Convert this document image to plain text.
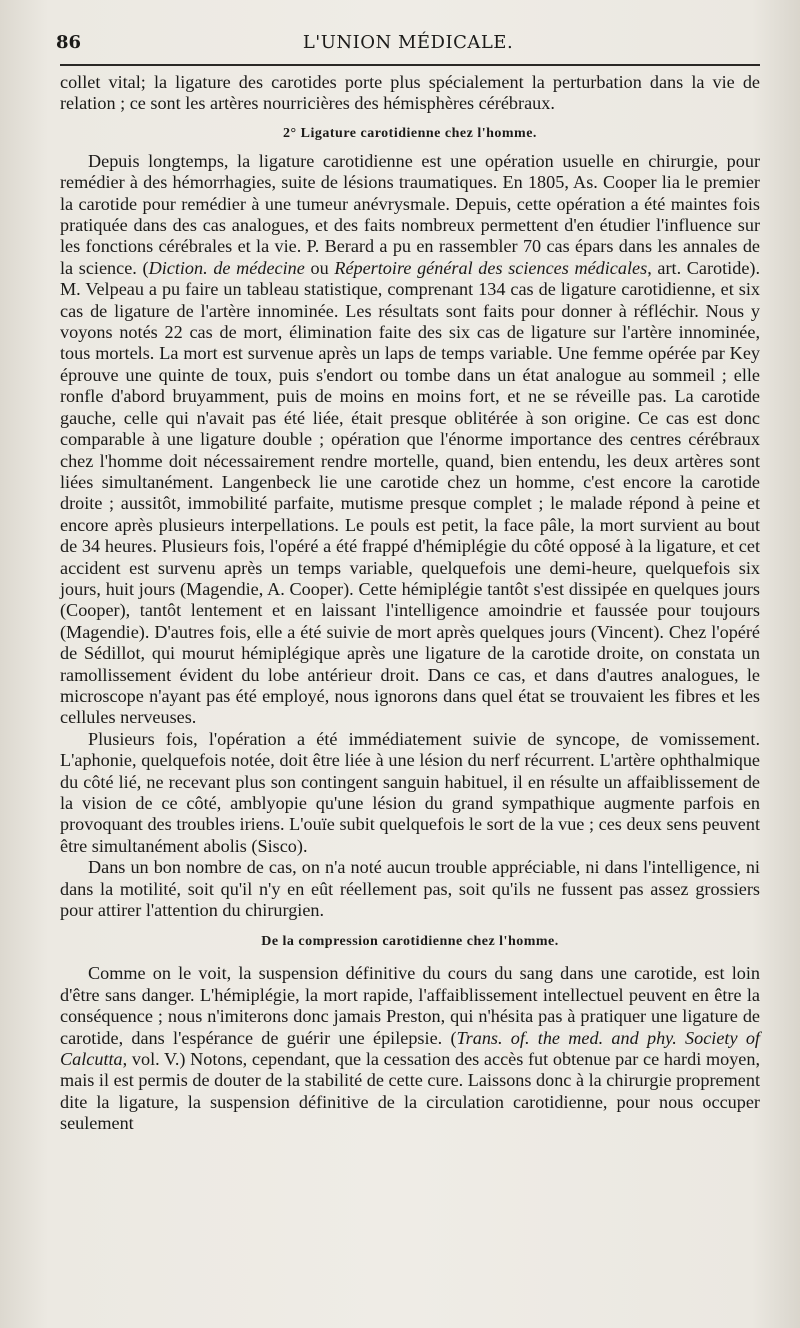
86	L'UNION MÉDICALE.

collet vital; la ligature des carotides porte plus spécialement la perturbation dans la vie de relation ; ce sont les artères nourricières des hémisphères cérébraux.

2° Ligature carotidienne chez l'homme.

Depuis longtemps, la ligature carotidienne est une opération usuelle en chirurgie, pour remédier à des hémorrhagies, suite de lésions traumatiques. En 1805, As. Cooper lia le premier la carotide pour remédier à une tumeur anévrysmale. Depuis, cette opération a été maintes fois pratiquée dans des cas analogues, et des faits nombreux permettent d'en étudier l'influence sur les fonctions cérébrales et la vie. P. Berard a pu en rassembler 70 cas épars dans les annales de la science. (Diction. de médecine ou Répertoire général des sciences médicales, art. Carotide). M. Velpeau a pu faire un tableau statistique, comprenant 134 cas de ligature carotidienne, et six cas de ligature de l'artère innominée. Les résultats sont faits pour donner à réfléchir. Nous y voyons notés 22 cas de mort, élimination faite des six cas de ligature sur l'artère innominée, tous mortels. La mort est survenue après un laps de temps variable. Une femme opérée par Key éprouve une quinte de toux, puis s'endort ou tombe dans un état analogue au sommeil ; elle ronfle d'abord bruyamment, puis de moins en moins fort, et ne se réveille pas. La carotide gauche, celle qui n'avait pas été liée, était presque oblitérée à son origine. Ce cas est donc comparable à une ligature double ; opération que l'énorme importance des centres cérébraux chez l'homme doit nécessairement rendre mortelle, quand, bien entendu, les deux artères sont liées simultanément. Langenbeck lie une carotide chez un homme, c'est encore la carotide droite ; aussitôt, immobilité parfaite, mutisme presque complet ; le malade répond à peine et encore après plusieurs interpellations. Le pouls est petit, la face pâle, la mort survient au bout de 34 heures. Plusieurs fois, l'opéré a été frappé d'hémiplégie du côté opposé à la ligature, et cet accident est survenu après un temps variable, quelquefois une demi-heure, quelquefois six jours, huit jours (Magendie, A. Cooper). Cette hémiplégie tantôt s'est dissipée en quelques jours (Cooper), tantôt lentement et en laissant l'intelligence amoindrie et faussée pour toujours (Magendie). D'autres fois, elle a été suivie de mort après quelques jours (Vincent). Chez l'opéré de Sédillot, qui mourut hémiplégique après une ligature de la carotide droite, on constata un ramollissement évident du lobe antérieur droit. Dans ce cas, et dans d'autres analogues, le microscope n'ayant pas été employé, nous ignorons dans quel état se trouvaient les fibres et les cellules nerveuses.

Plusieurs fois, l'opération a été immédiatement suivie de syncope, de vomissement. L'aphonie, quelquefois notée, doit être liée à une lésion du nerf récurrent. L'artère ophthalmique du côté lié, ne recevant plus son contingent sanguin habituel, il en résulte un affaiblissement de la vision de ce côté, amblyopie qu'une lésion du grand sympathique augmente parfois en provoquant des troubles iriens. L'ouïe subit quelquefois le sort de la vue ; ces deux sens peuvent être simultanément abolis (Sisco).

Dans un bon nombre de cas, on n'a noté aucun trouble appréciable, ni dans l'intelligence, ni dans la motilité, soit qu'il n'y en eût réellement pas, soit qu'ils ne fussent pas assez grossiers pour attirer l'attention du chirurgien.

De la compression carotidienne chez l'homme.

Comme on le voit, la suspension définitive du cours du sang dans une carotide, est loin d'être sans danger. L'hémiplégie, la mort rapide, l'affaiblissement intellectuel peuvent en être la conséquence ; nous n'imiterons donc jamais Preston, qui n'hésita pas à pratiquer une ligature de carotide, dans l'espérance de guérir une épilepsie. (Trans. of. the med. and phy. Society of Calcutta, vol. V.) Notons, cependant, que la cessation des accès fut obtenue par ce hardi moyen, mais il est permis de douter de la stabilité de cette cure. Laissons donc à la chirurgie proprement dite la ligature, la suspension définitive de la circulation carotidienne, pour nous occuper seulement
